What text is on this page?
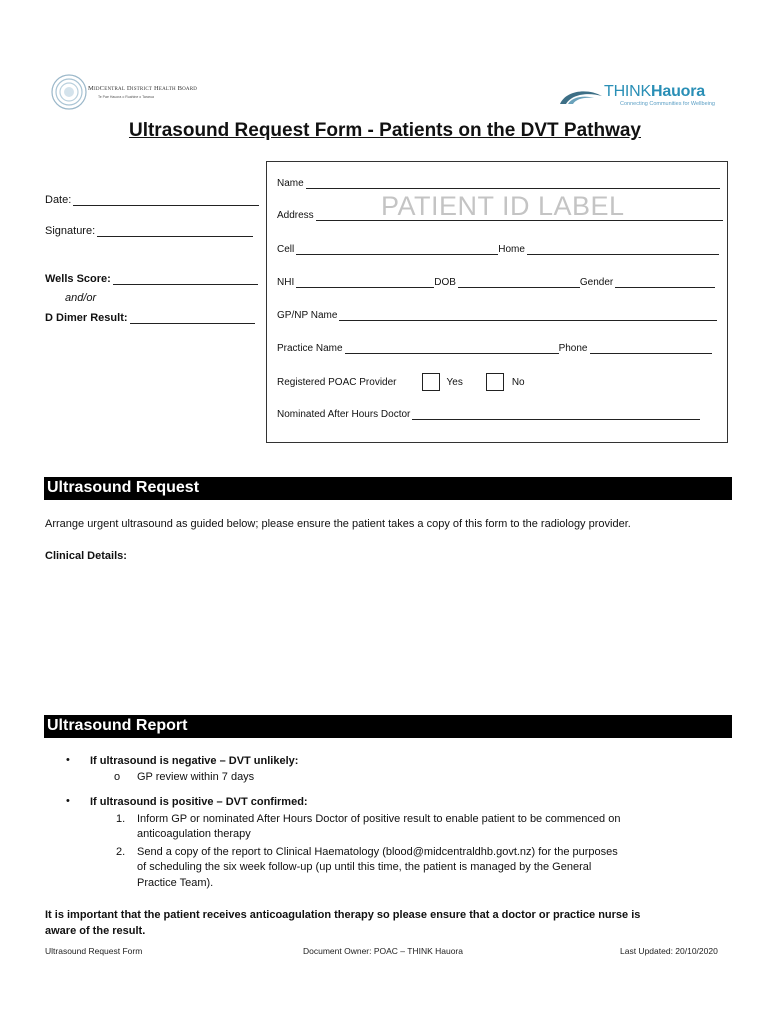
MidCentral District Health Board
Te Pae Hauora o Ruahine o Tararua	THINKHauora
Connecting Communities for Wellbeing
Ultrasound Request Form - Patients on the DVT Pathway
Date:
Signature:
Wells Score:
and/or
D Dimer Result:
Name
Address PATIENT ID LABEL
Cell	Home
NHI	DOB	Gender
GP/NP Name
Practice Name	Phone
Registered POAC Provider	Yes	No
Nominated After Hours Doctor
Ultrasound Request
Arrange urgent ultrasound as guided below; please ensure the patient takes a copy of this form to the radiology provider.
Clinical Details:
Ultrasound Report
• If ultrasound is negative – DVT unlikely:
o GP review within 7 days
• If ultrasound is positive – DVT confirmed:
1. Inform GP or nominated After Hours Doctor of positive result to enable patient to be commenced on
anticoagulation therapy
2. Send a copy of the report to Clinical Haematology (blood@midcentraldhb.govt.nz) for the purposes
of scheduling the six week follow-up (up until this time, the patient is managed by the General
Practice Team).
It is important that the patient receives anticoagulation therapy so please ensure that a doctor or practice nurse is
aware of the result.
Ultrasound Request Form	Document Owner: POAC – THINK Hauora	Last Updated: 20/10/2020
